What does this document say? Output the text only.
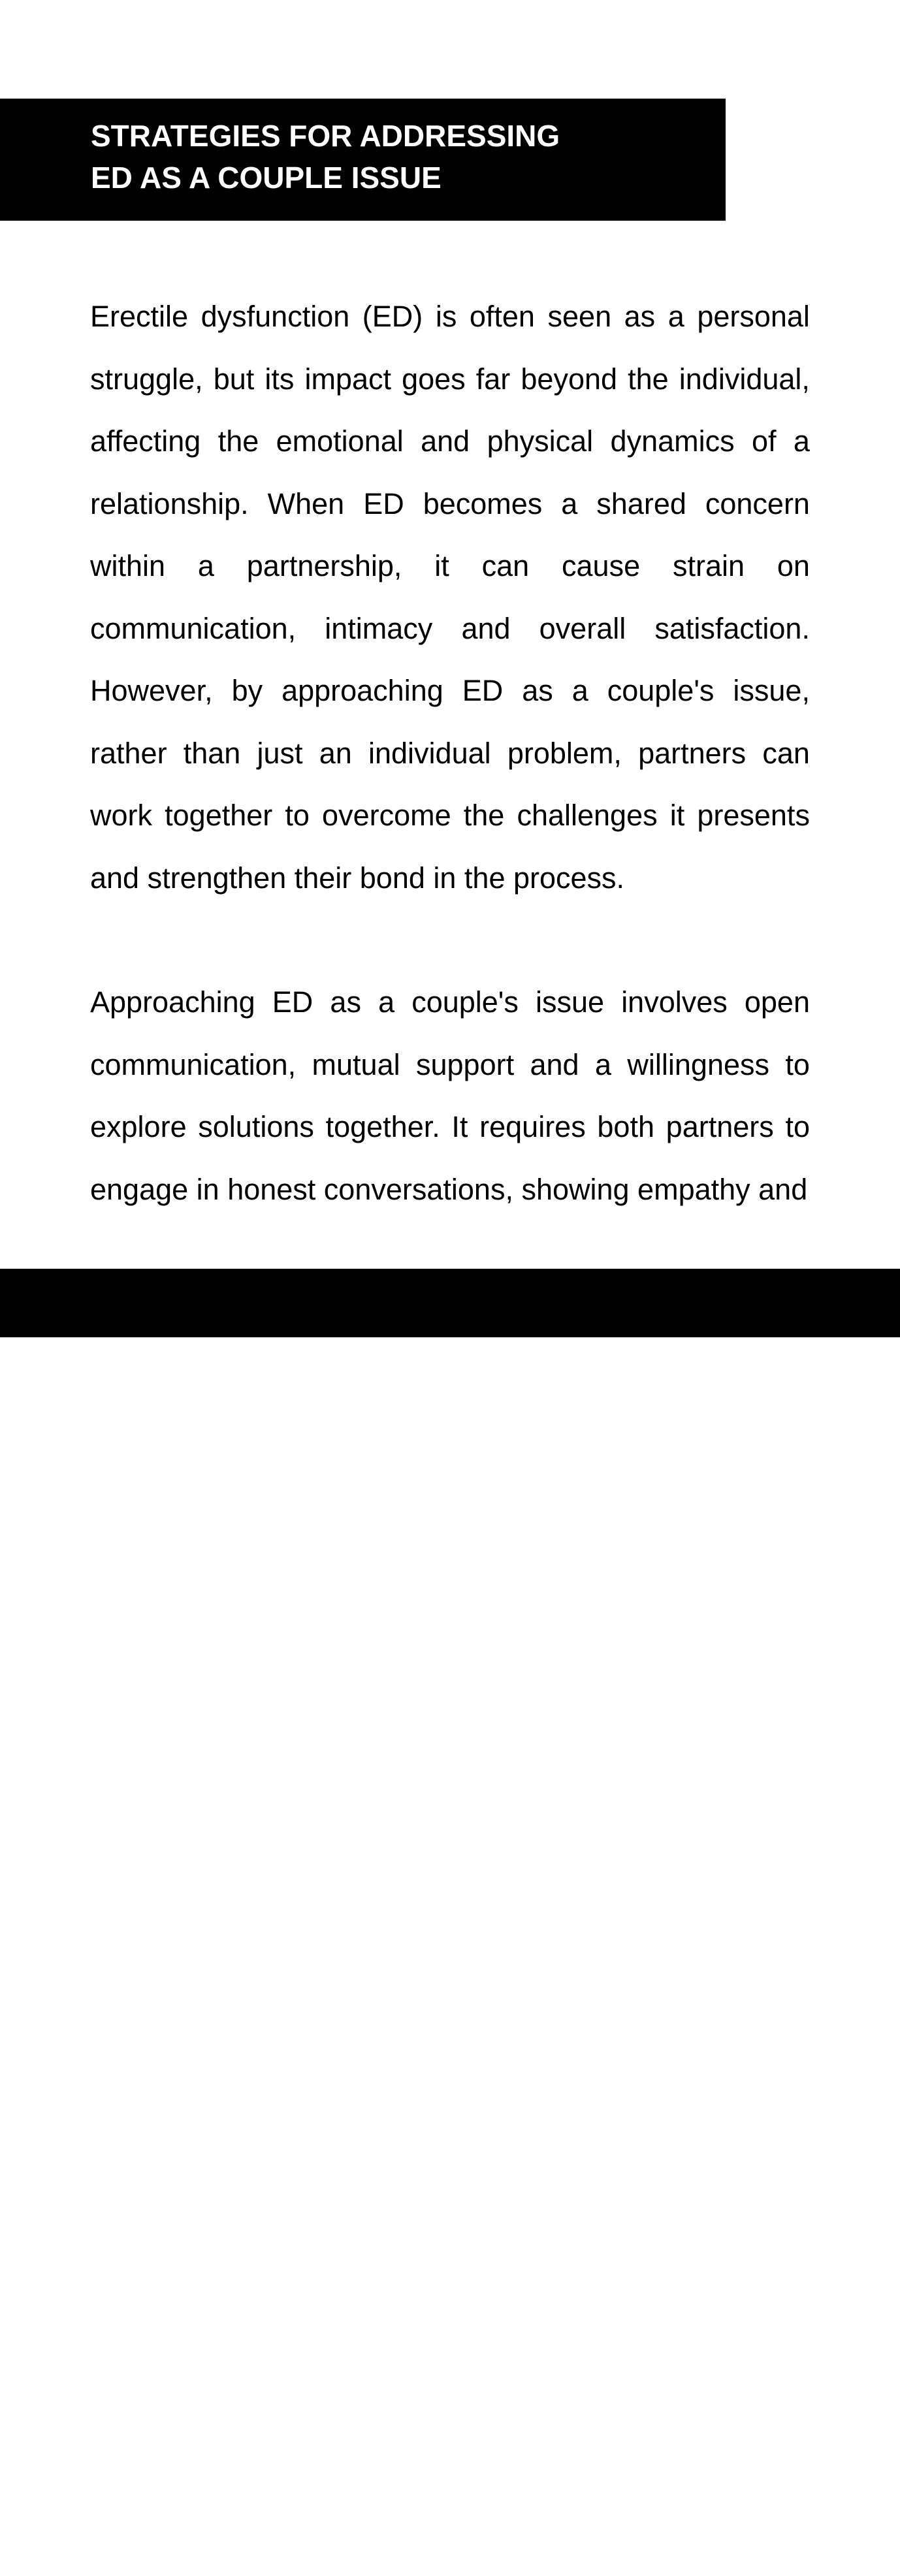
STRATEGIES FOR ADDRESSING
ED AS A COUPLE ISSUE
Erectile dysfunction (ED) is often seen as a personal
struggle, but its impact goes far beyond the individual,
affecting the emotional and physical dynamics of a
relationship. When ED becomes a shared concern
within a partnership, it can cause strain on
communication, intimacy and overall satisfaction.
However, by approaching ED as a couple's issue,
rather than just an individual problem, partners can
work together to overcome the challenges it presents
and strengthen their bond in the process.
Approaching ED as a couple's issue involves open
communication, mutual support and a willingness to
explore solutions together. It requires both partners to
engage in honest conversations, showing empathy and
48
